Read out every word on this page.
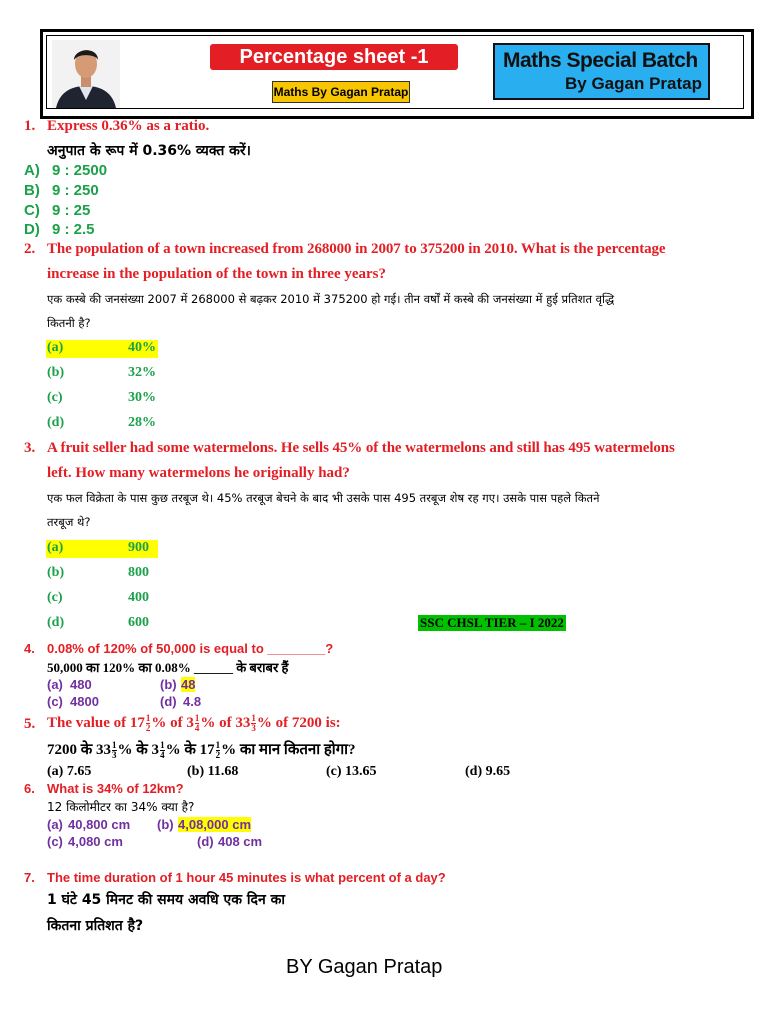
Percentage sheet -1
Maths By Gagan Pratap
Maths Special Batch
By Gagan Pratap
1. Express 0.36% as a ratio.
अनुपात के रूप में 0.36% व्यक्त करें।
A) 9 : 2500
B) 9 : 250
C) 9 : 25
D) 9 : 2.5
2. The population of a town increased from 268000 in 2007 to 375200 in 2010. What is the percentage
increase in the population of the town in three years?
एक कस्बे की जनसंख्या 2007 में 268000 से बढ़कर 2010 में 375200 हो गई। तीन वर्षों में कस्बे की जनसंख्या में हुई प्रतिशत वृद्धि
कितनी है?
(a)	40%
(b)	32%
(c)	30%
(d)	28%
3. A fruit seller had some watermelons. He sells 45% of the watermelons and still has 495 watermelons
left. How many watermelons he originally had?
एक फल विक्रेता के पास कुछ तरबूज थे। 45% तरबूज बेचने के बाद भी उसके पास 495 तरबूज शेष रह गए। उसके पास पहले कितने
तरबूज थे?
(a)	900
(b)	800
(c)	400
(d)	600	SSC CHSL TIER – I 2022
4. 0.08% of 120% of 50,000 is equal to ________?
50,000 का 120% का 0.08% ______ के बराबर हैं
(a) 480	(b) 48
(c) 4800	(d) 4.8
5. The value of $17 \frac{1}{2}$ % of $3 \frac{1}{4}$ % of $33 \frac{1}{3}$ % of 7200 is:
7200 के $33 \frac{1}{3}$ % के $3 \frac{1}{4}$ % के $17 \frac{1}{2}$ % का मान कितना होगा?
(a) 7.65	(b) 11.68	(c) 13.65	(d) 9.65
6. What is 34% of 12km?
12 किलोमीटर का 34% क्या है?
(a) 40,800 cm (b) 4,08,000 cm
(c) 4,080 cm	(d) 408 cm
7. The time duration of 1 hour 45 minutes is what percent of a day?
1 घंटे 45 मिनट की समय अवधि एक दिन का
कितना प्रतिशत है?
BY Gagan Pratap
